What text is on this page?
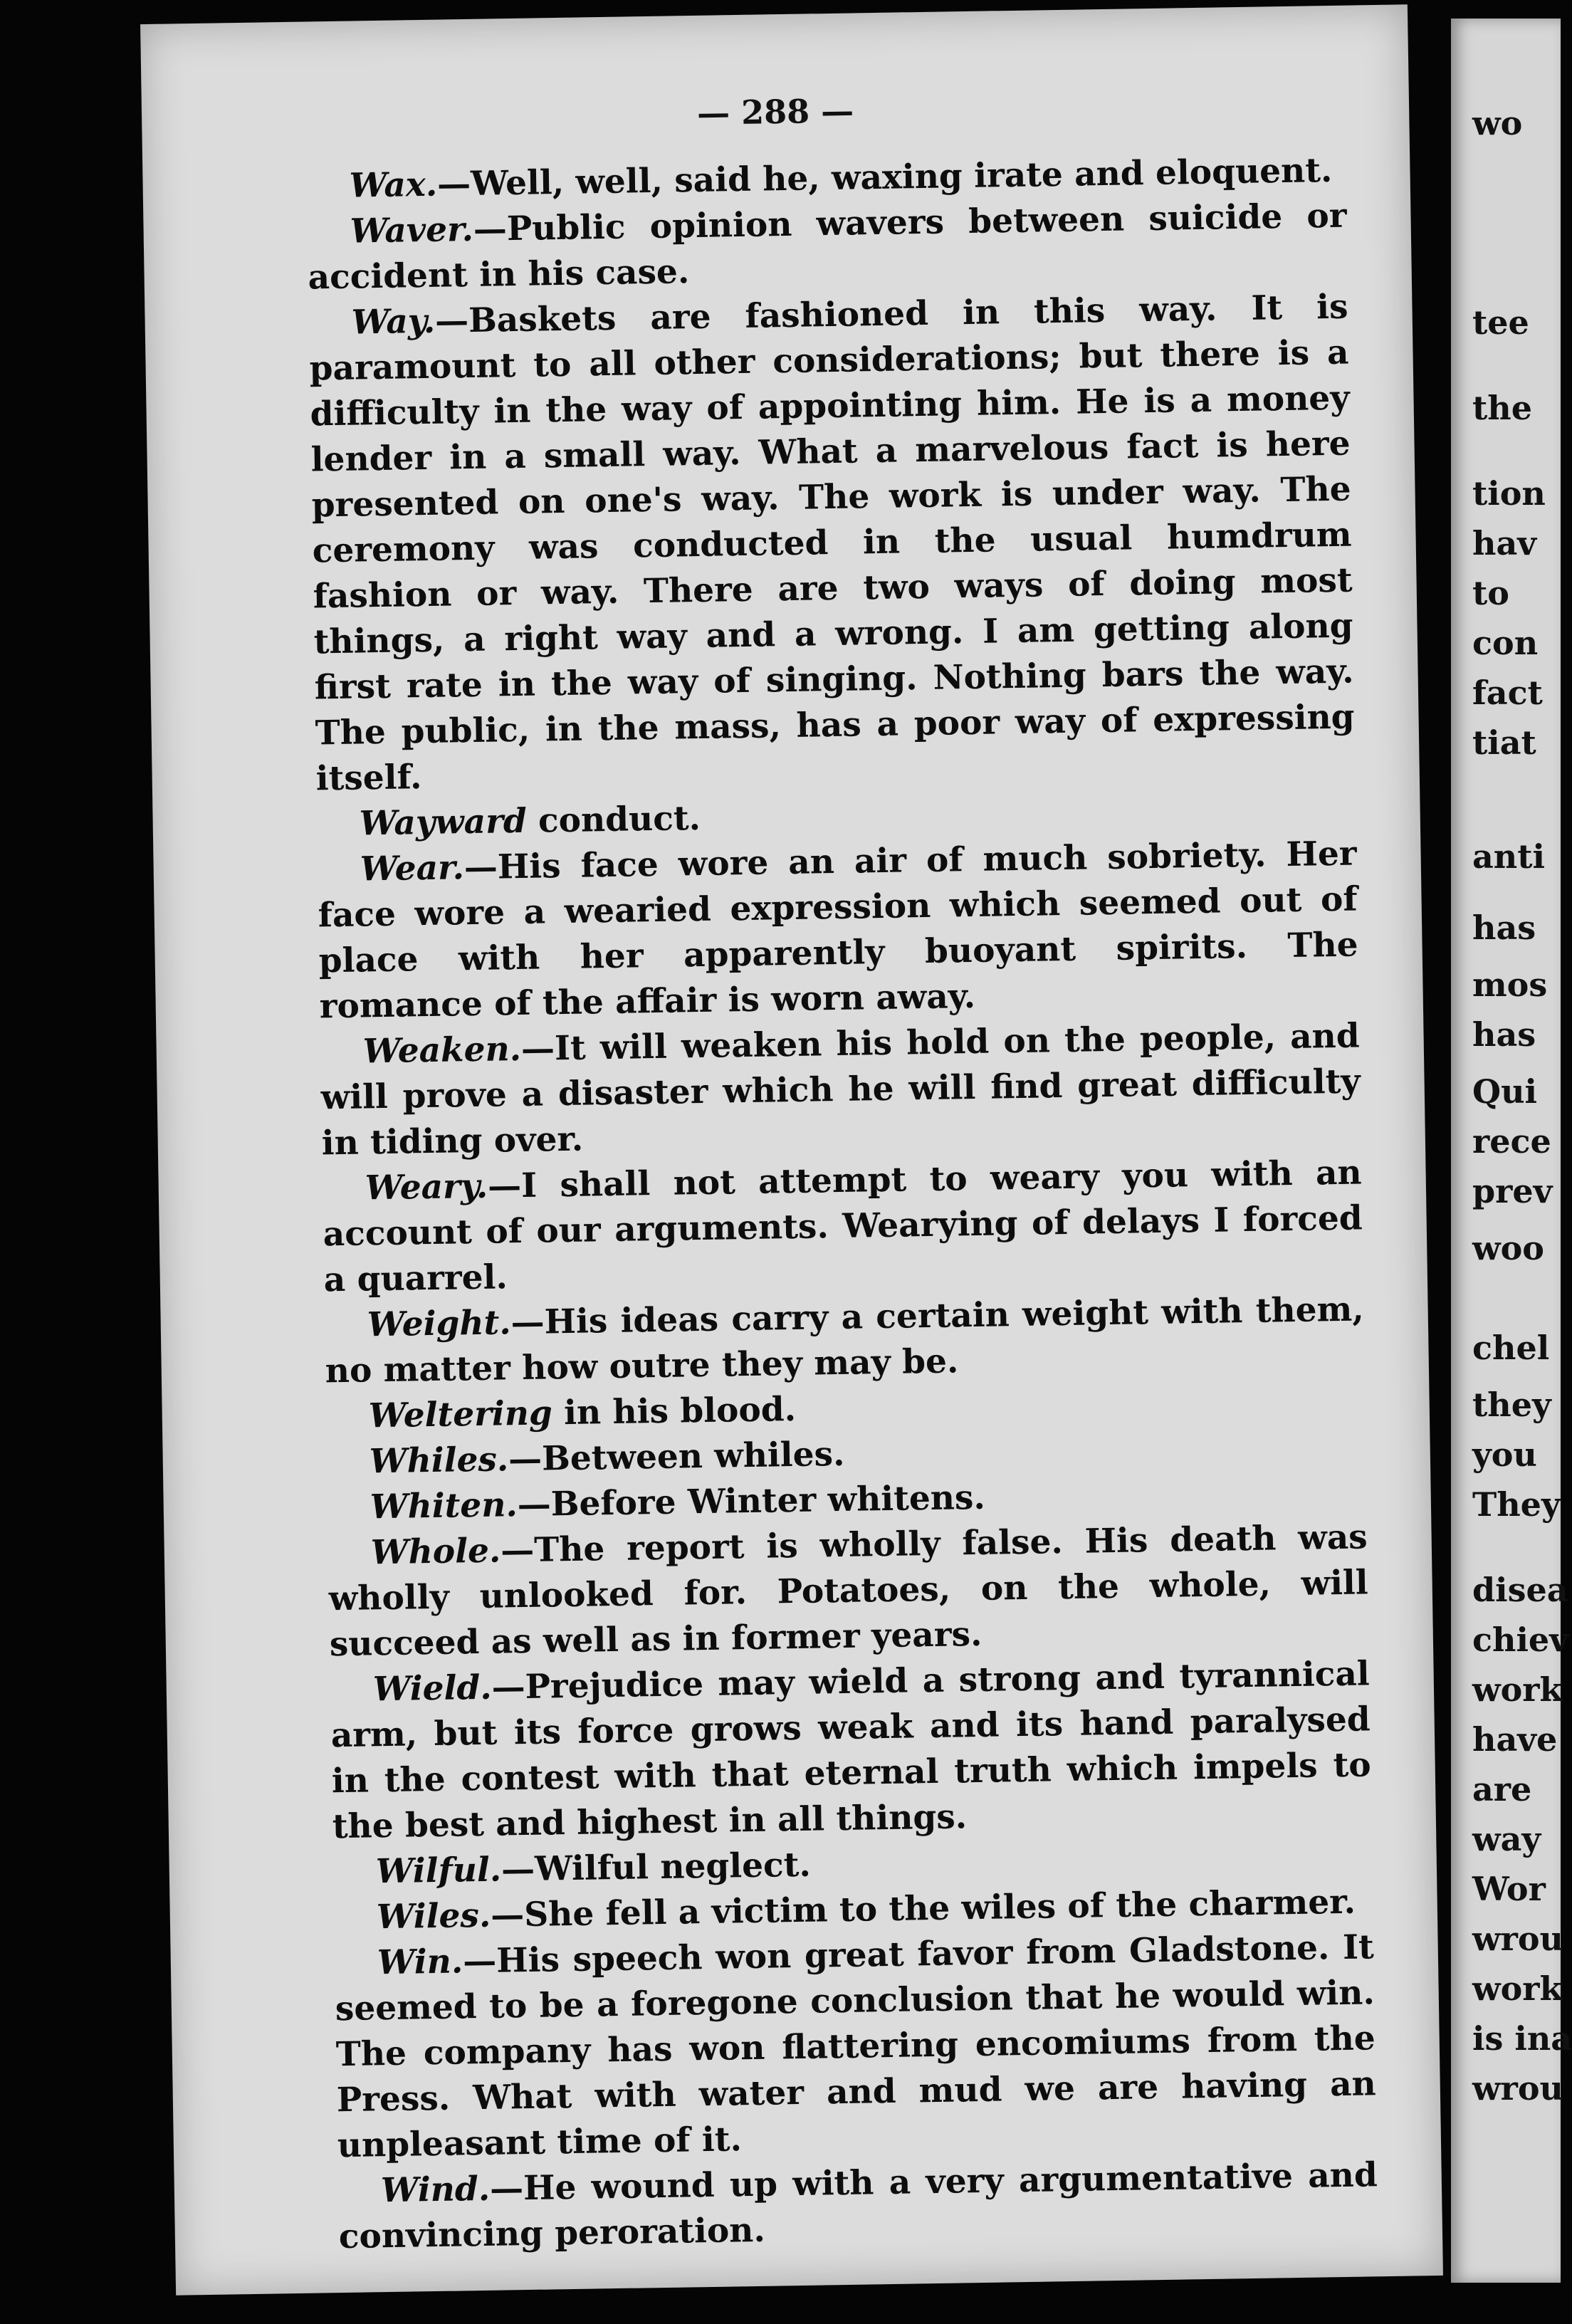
— 288 —

Wax.—Well, well, said he, waxing irate and eloquent.

Waver.—Public opinion wavers between suicide or accident in his case.

Way.—Baskets are fashioned in this way. It is paramount to all other considerations; but there is a difficulty in the way of appointing him. He is a money lender in a small way. What a marvelous fact is here presented on one's way. The work is under way. The ceremony was conducted in the usual humdrum fashion or way. There are two ways of doing most things, a right way and a wrong. I am getting along first rate in the way of singing. Nothing bars the way. The public, in the mass, has a poor way of expressing itself.

Wayward conduct.

Wear.—His face wore an air of much sobriety. Her face wore a wearied expression which seemed out of place with her apparently buoyant spirits. The romance of the affair is worn away.

Weaken.—It will weaken his hold on the people, and will prove a disaster which he will find great difficulty in tiding over.

Weary.—I shall not attempt to weary you with an account of our arguments. Wearying of delays I forced a quarrel.

Weight.—His ideas carry a certain weight with them, no matter how outre they may be.

Weltering in his blood.

Whiles.—Between whiles.

Whiten.—Before Winter whitens.

Whole.—The report is wholly false. His death was wholly unlooked for. Potatoes, on the whole, will succeed as well as in former years.

Wield.—Prejudice may wield a strong and tyrannical arm, but its force grows weak and its hand paralysed in the contest with that eternal truth which impels to the best and highest in all things.

Wilful.—Wilful neglect.

Wiles.—She fell a victim to the wiles of the charmer.

Win.—His speech won great favor from Gladstone. It seemed to be a foregone conclusion that he would win. The company has won flattering encomiums from the Press. What with water and mud we are having an unpleasant time of it.

Wind.—He wound up with a very argumentative and convincing peroration.

wo
tee
the
tion
hav
to
con
fact
tiat
anti
has
mos
has
Qui
rece
prev
woo
chel
they
you
They
disea
chiev
work
have
are
way
Wor
wrou
work
is ina
wrou
